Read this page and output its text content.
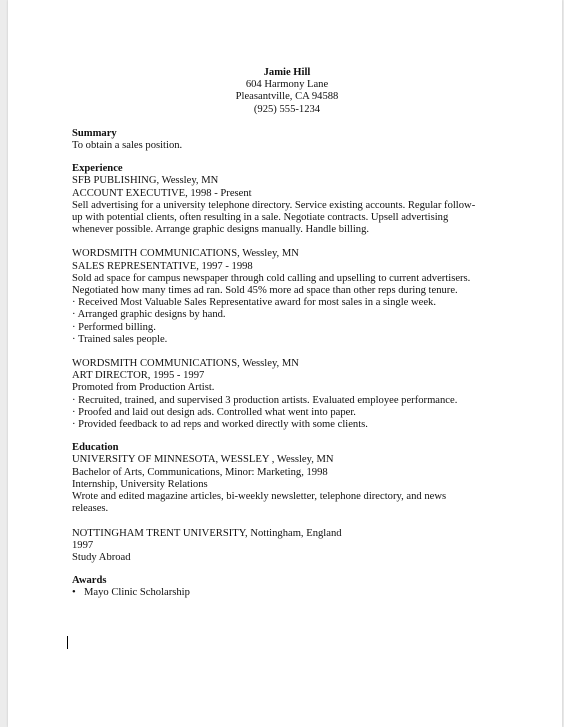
Jamie Hill
604 Harmony Lane
Pleasantville, CA 94588
(925) 555-1234
Summary
To obtain a sales position.
Experience
SFB PUBLISHING, Wessley, MN
ACCOUNT EXECUTIVE, 1998 - Present
Sell advertising for a university telephone directory. Service existing accounts. Regular follow-
up with potential clients, often resulting in a sale. Negotiate contracts. Upsell advertising
whenever possible. Arrange graphic designs manually. Handle billing.
WORDSMITH COMMUNICATIONS, Wessley, MN
SALES REPRESENTATIVE, 1997 - 1998
Sold ad space for campus newspaper through cold calling and upselling to current advertisers.
Negotiated how many times ad ran. Sold 45% more ad space than other reps during tenure.
· Received Most Valuable Sales Representative award for most sales in a single week.
· Arranged graphic designs by hand.
· Performed billing.
· Trained sales people.
WORDSMITH COMMUNICATIONS, Wessley, MN
ART DIRECTOR, 1995 - 1997
Promoted from Production Artist.
· Recruited, trained, and supervised 3 production artists. Evaluated employee performance.
· Proofed and laid out design ads. Controlled what went into paper.
· Provided feedback to ad reps and worked directly with some clients.
Education
UNIVERSITY OF MINNESOTA, WESSLEY , Wessley, MN
Bachelor of Arts, Communications, Minor: Marketing, 1998
Internship, University Relations
Wrote and edited magazine articles, bi-weekly newsletter, telephone directory, and news
releases.
NOTTINGHAM TRENT UNIVERSITY, Nottingham, England
1997
Study Abroad
Awards
• Mayo Clinic Scholarship
